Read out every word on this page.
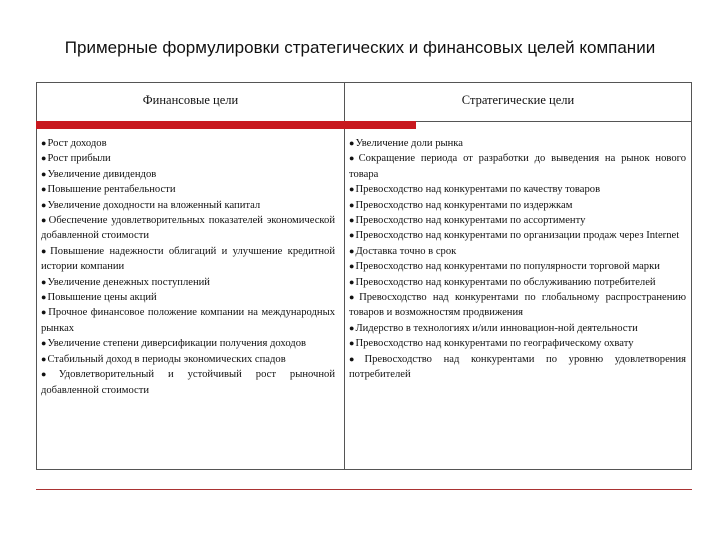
Примерные формулировки стратегических и финансовых целей компании
Финансовые цели	Стратегические цели
●Рост доходов
●Рост прибыли
●Увеличение дивидендов
●Повышение рентабельности
●Увеличение доходности на вложенный капитал
●Обеспечение удовлетворительных показателей экономической добавленной стоимости
●Повышение надежности облигаций и улучшение кредитной истории компании
●Увеличение денежных поступлений
●Повышение цены акций
●Прочное финансовое положение компании на международных рынках
●Увеличение степени диверсификации получения доходов
●Стабильный доход в периоды экономических спадов
●Удовлетворительный и устойчивый рост рыночной добавленной стоимости
●Увеличение доли рынка
●Сокращение периода от разработки до выведения на рынок нового товара
●Превосходство над конкурентами по качеству товаров
●Превосходство над конкурентами по издержкам
●Превосходство над конкурентами по ассортименту
●Превосходство над конкурентами по организации продаж через Internet
●Доставка точно в срок
●Превосходство над конкурентами по популярности торговой марки
●Превосходство над конкурентами по обслуживанию потребителей
●Превосходство над конкурентами по глобальному распространению товаров и возможностям продвижения
●Лидерство в технологиях и/или инновацион-ной деятельности
●Превосходство над конкурентами по географическому охвату
●Превосходство над конкурентами по уровню удовлетворения потребителей
